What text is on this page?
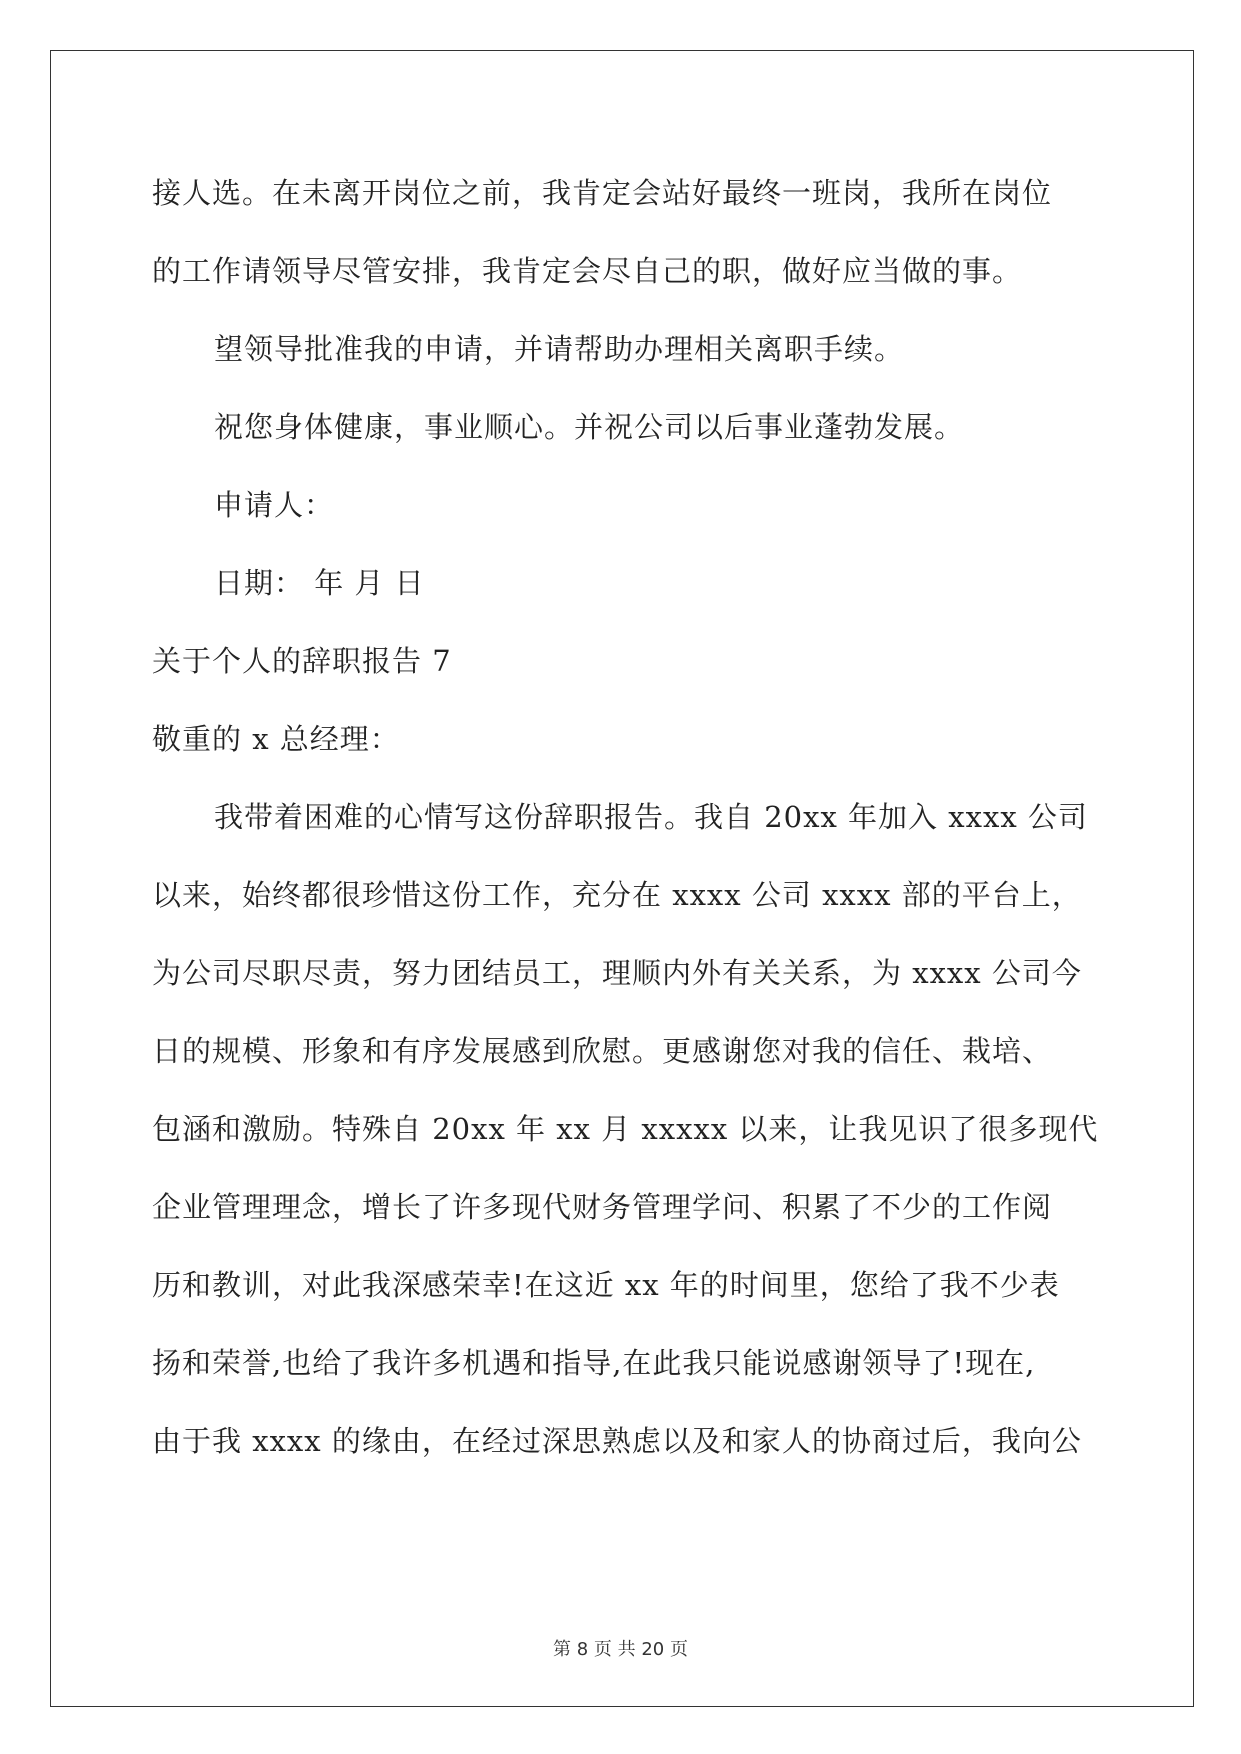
接人选。在未离开岗位之前，我肯定会站好最终一班岗，我所在岗位
的工作请领导尽管安排，我肯定会尽自己的职，做好应当做的事。
望领导批准我的申请，并请帮助办理相关离职手续。
祝您身体健康，事业顺心。并祝公司以后事业蓬勃发展。
申请人：
日期： 年 月 日
关于个人的辞职报告 7
敬重的 x 总经理：
我带着困难的心情写这份辞职报告。我自 20xx 年加入 xxxx 公司
以来，始终都很珍惜这份工作，充分在 xxxx 公司 xxxx 部的平台上，
为公司尽职尽责，努力团结员工，理顺内外有关关系，为 xxxx 公司今
日的规模、形象和有序发展感到欣慰。更感谢您对我的信任、栽培、
包涵和激励。特殊自 20xx 年 xx 月 xxxxx 以来，让我见识了很多现代
企业管理理念，增长了许多现代财务管理学问、积累了不少的工作阅
历和教训，对此我深感荣幸!在这近 xx 年的时间里，您给了我不少表
扬和荣誉,也给了我许多机遇和指导,在此我只能说感谢领导了!现在,
由于我 xxxx 的缘由，在经过深思熟虑以及和家人的协商过后，我向公
第 8 页 共 20 页
